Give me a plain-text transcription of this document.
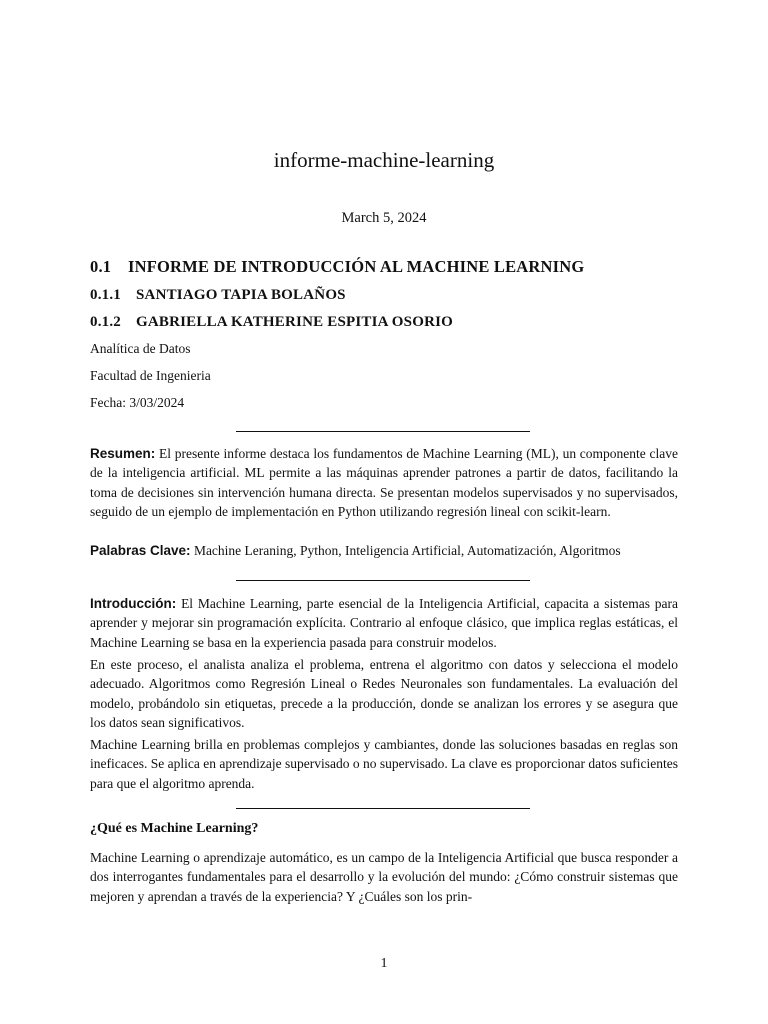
informe-machine-learning
March 5, 2024
0.1 INFORME DE INTRODUCCIÓN AL MACHINE LEARNING
0.1.1 SANTIAGO TAPIA BOLAÑOS
0.1.2 GABRIELLA KATHERINE ESPITIA OSORIO
Analítica de Datos
Facultad de Ingenieria
Fecha: 3/03/2024
Resumen: El presente informe destaca los fundamentos de Machine Learning (ML), un componente clave de la inteligencia artificial. ML permite a las máquinas aprender patrones a partir de datos, facilitando la toma de decisiones sin intervención humana directa. Se presentan modelos supervisados y no supervisados, seguido de un ejemplo de implementación en Python utilizando regresión lineal con scikit-learn.
Palabras Clave: Machine Leraning, Python, Inteligencia Artificial, Automatización, Algoritmos
Introducción: El Machine Learning, parte esencial de la Inteligencia Artificial, capacita a sistemas para aprender y mejorar sin programación explícita. Contrario al enfoque clásico, que implica reglas estáticas, el Machine Learning se basa en la experiencia pasada para construir modelos.
En este proceso, el analista analiza el problema, entrena el algoritmo con datos y selecciona el modelo adecuado. Algoritmos como Regresión Lineal o Redes Neuronales son fundamentales. La evaluación del modelo, probándolo sin etiquetas, precede a la producción, donde se analizan los errores y se asegura que los datos sean significativos.
Machine Learning brilla en problemas complejos y cambiantes, donde las soluciones basadas en reglas son ineficaces. Se aplica en aprendizaje supervisado o no supervisado. La clave es proporcionar datos suficientes para que el algoritmo aprenda.
¿Qué es Machine Learning?
Machine Learning o aprendizaje automático, es un campo de la Inteligencia Artificial que busca responder a dos interrogantes fundamentales para el desarrollo y la evolución del mundo: ¿Cómo construir sistemas que mejoren y aprendan a través de la experiencia? Y ¿Cuáles son los prin-
1
